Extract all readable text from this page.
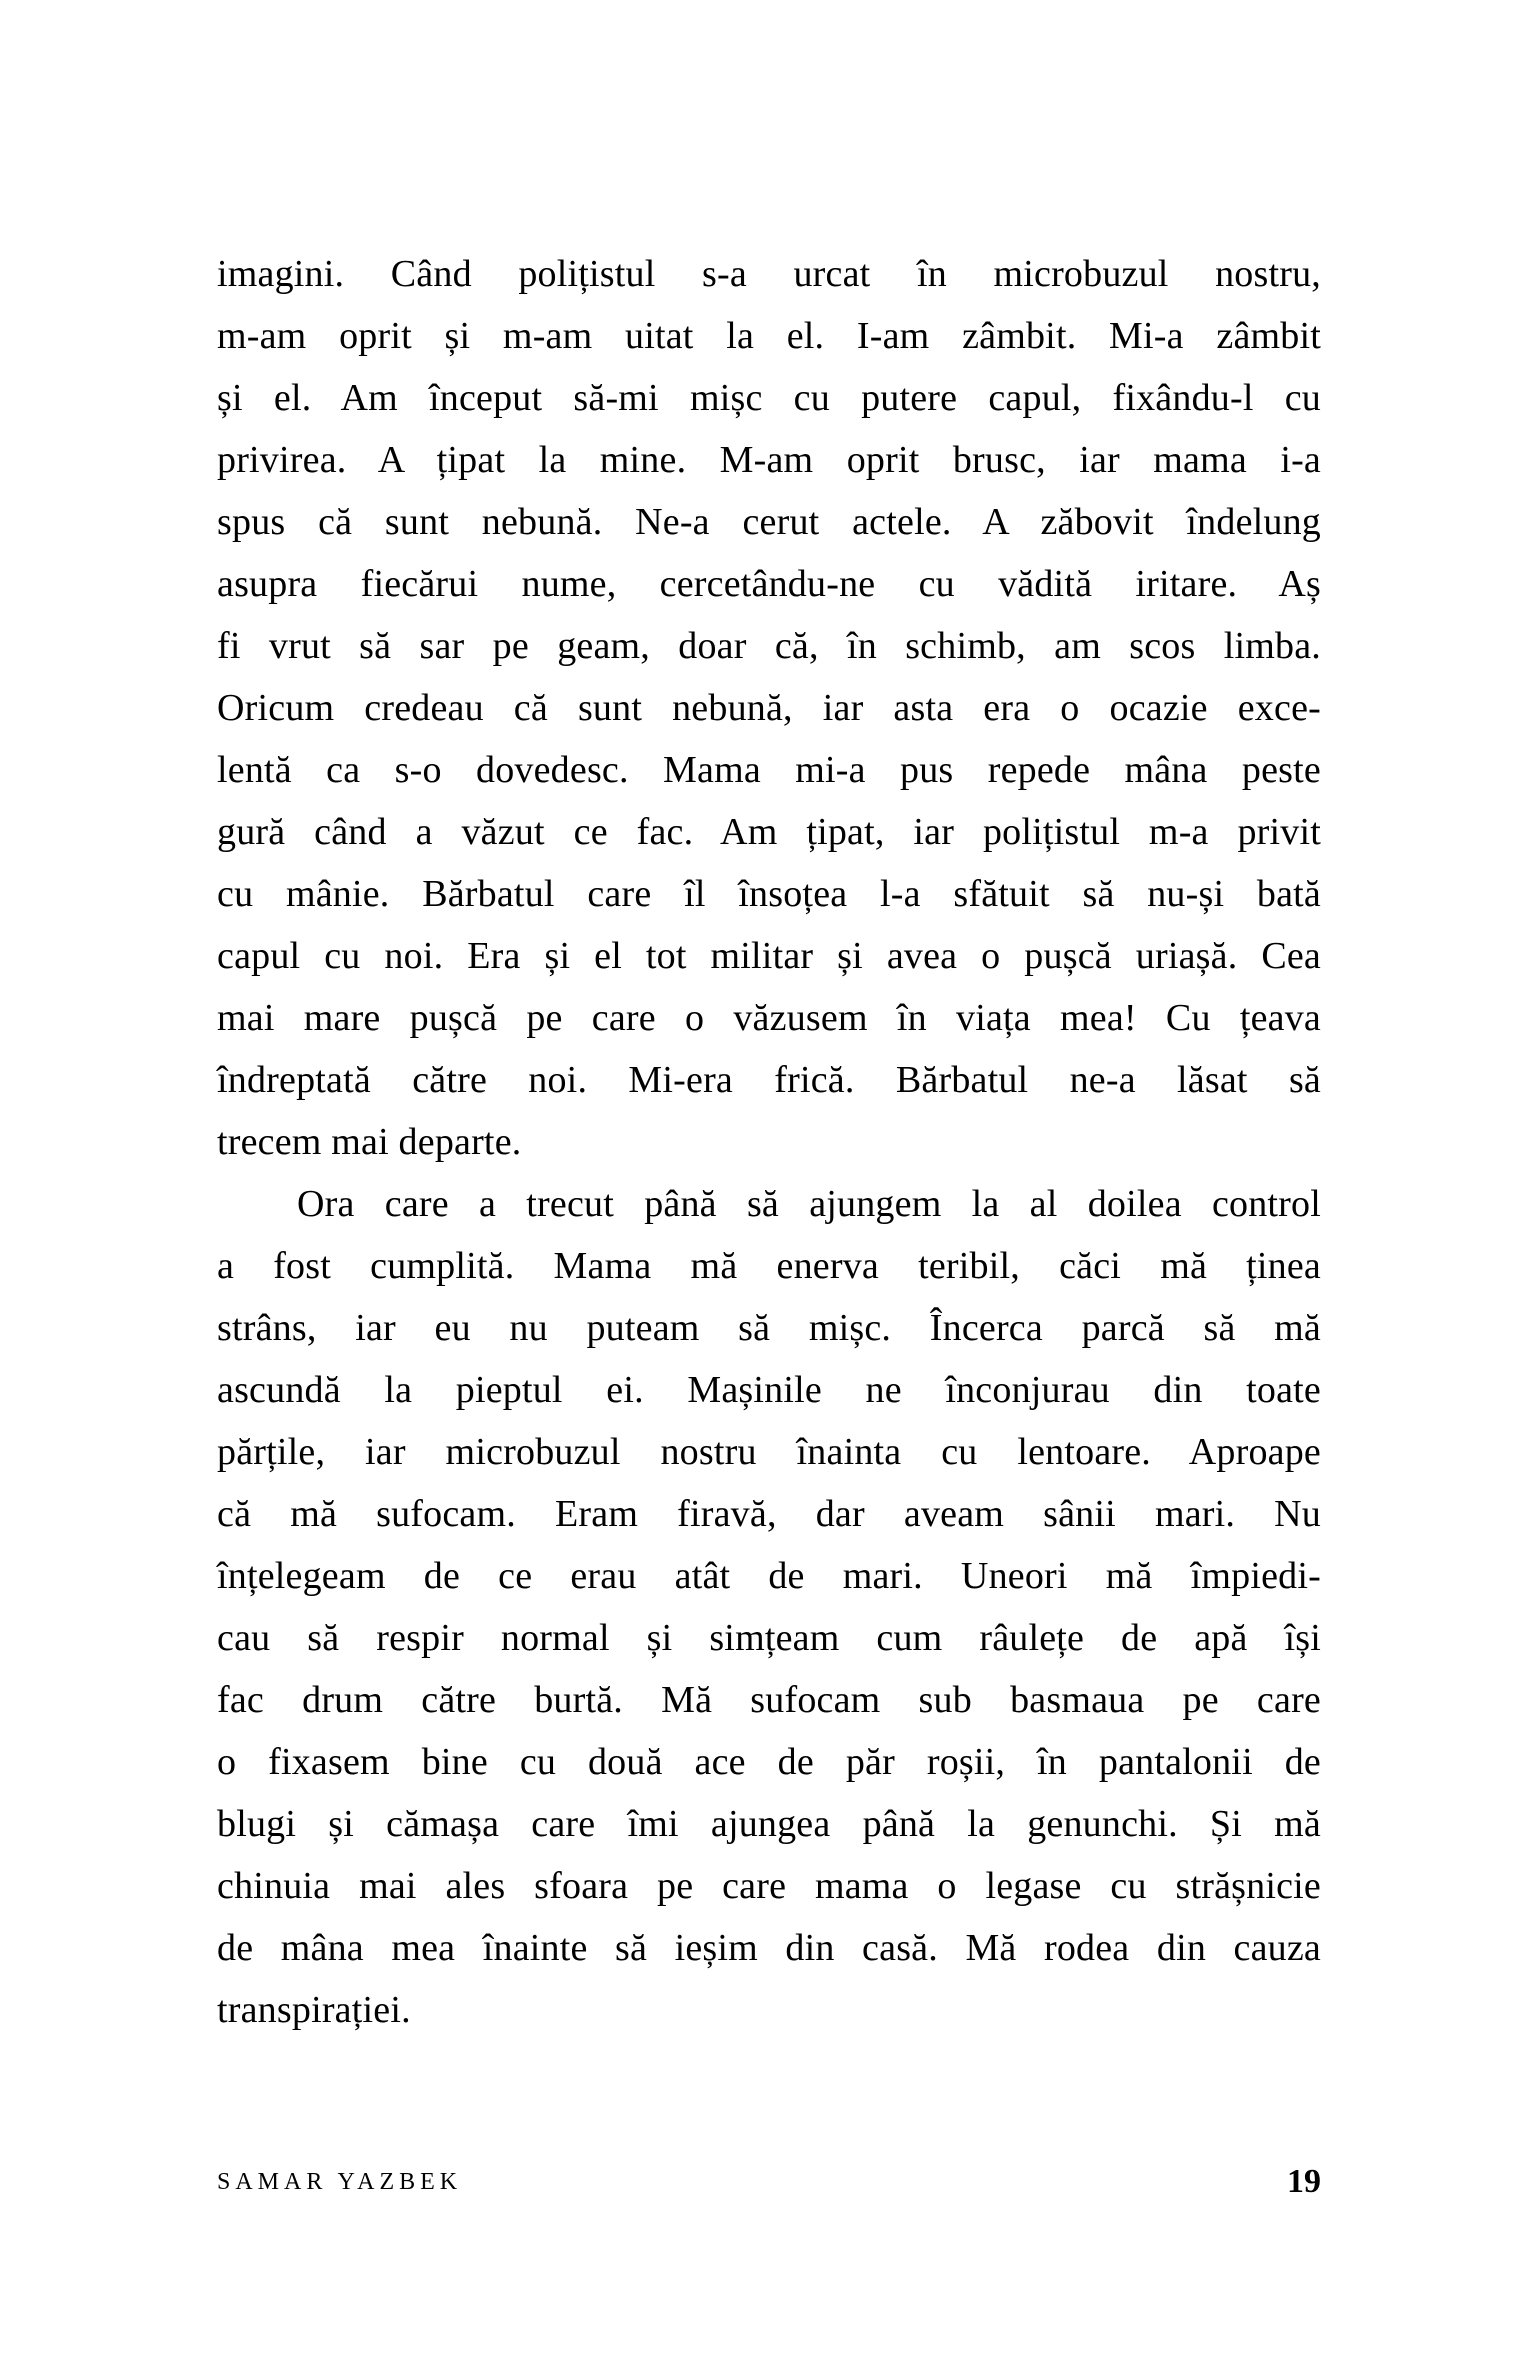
imagini. Când polițistul s-a urcat în microbuzul nostru,
m-am oprit și m-am uitat la el. I-am zâmbit. Mi-a zâmbit
și el. Am început să-mi mișc cu putere capul, fixându-l cu
privirea. A țipat la mine. M-am oprit brusc, iar mama i-a
spus că sunt nebună. Ne-a cerut actele. A zăbovit îndelung
asupra fiecărui nume, cercetându-ne cu vădită iritare. Aș
fi vrut să sar pe geam, doar că, în schimb, am scos limba.
Oricum credeau că sunt nebună, iar asta era o ocazie exce-
lentă ca s-o dovedesc. Mama mi-a pus repede mâna peste
gură când a văzut ce fac. Am țipat, iar polițistul m-a privit
cu mânie. Bărbatul care îl însoțea l-a sfătuit să nu-și bată
capul cu noi. Era și el tot militar și avea o pușcă uriașă. Cea
mai mare pușcă pe care o văzusem în viața mea! Cu țeava
îndreptată către noi. Mi-era frică. Bărbatul ne-a lăsat să
trecem mai departe.

Ora care a trecut până să ajungem la al doilea control
a fost cumplită. Mama mă enerva teribil, căci mă ținea
strâns, iar eu nu puteam să mișc. Încerca parcă să mă
ascundă la pieptul ei. Mașinile ne înconjurau din toate
părțile, iar microbuzul nostru înainta cu lentoare. Aproape
că mă sufocam. Eram firavă, dar aveam sânii mari. Nu
înțelegeam de ce erau atât de mari. Uneori mă împiedi-
cau să respir normal și simțeam cum râulețe de apă își
fac drum către burtă. Mă sufocam sub basmaua pe care
o fixasem bine cu două ace de păr roșii, în pantalonii de
blugi și cămașa care îmi ajungea până la genunchi. Și mă
chinuia mai ales sfoara pe care mama o legase cu strășnicie
de mâna mea înainte să ieșim din casă. Mă rodea din cauza
transpirației.

SAMAR YAZBEK	19
